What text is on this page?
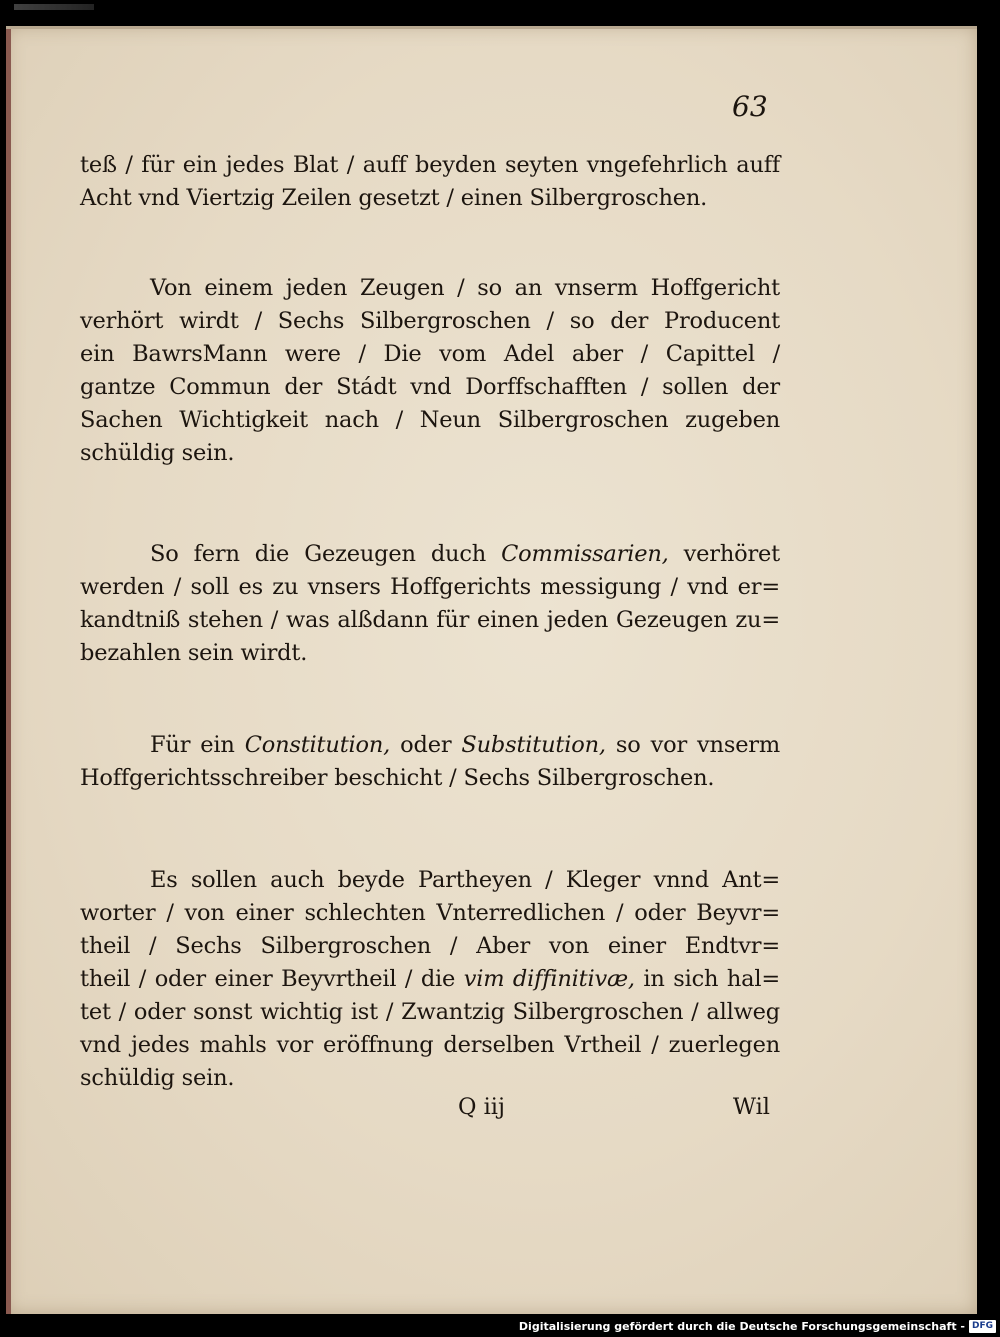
63
teß / für ein jedes Blat / auff beyden seyten vngefehrlich auff
Acht vnd Viertzig Zeilen gesetzt / einen Silbergroschen.
Von einem jeden Zeugen / so an vnserm Hoffgericht
verhört wirdt / Sechs Silbergroschen / so der Producent
ein BawrsMann were / Die vom Adel aber / Capittel /
gantze Commun der Stádt vnd Dorffschafften / sollen der
Sachen Wichtigkeit nach / Neun Silbergroschen zugeben
schüldig sein.
So fern die Gezeugen duch Commissarien, verhöret
werden / soll es zu vnsers Hoffgerichts messigung / vnd er=
kandtniß stehen / was alßdann für einen jeden Gezeugen zu=
bezahlen sein wirdt.
Für ein Constitution, oder Substitution, so vor vnserm
Hoffgerichtsschreiber beschicht / Sechs Silbergroschen.
Es sollen auch beyde Partheyen / Kleger vnnd Ant=
worter / von einer schlechten Vnterredlichen / oder Beyvr=
theil / Sechs Silbergroschen / Aber von einer Endtvr=
theil / oder einer Beyvrtheil / die vim diffinitivæ, in sich hal=
tet / oder sonst wichtig ist / Zwantzig Silbergroschen / allweg
vnd jedes mahls vor eröffnung derselben Vrtheil / zuerlegen
schüldig sein.
Q iij	Wil
Digitalisierung gefördert durch die Deutsche Forschungsgemeinschaft - DFG
